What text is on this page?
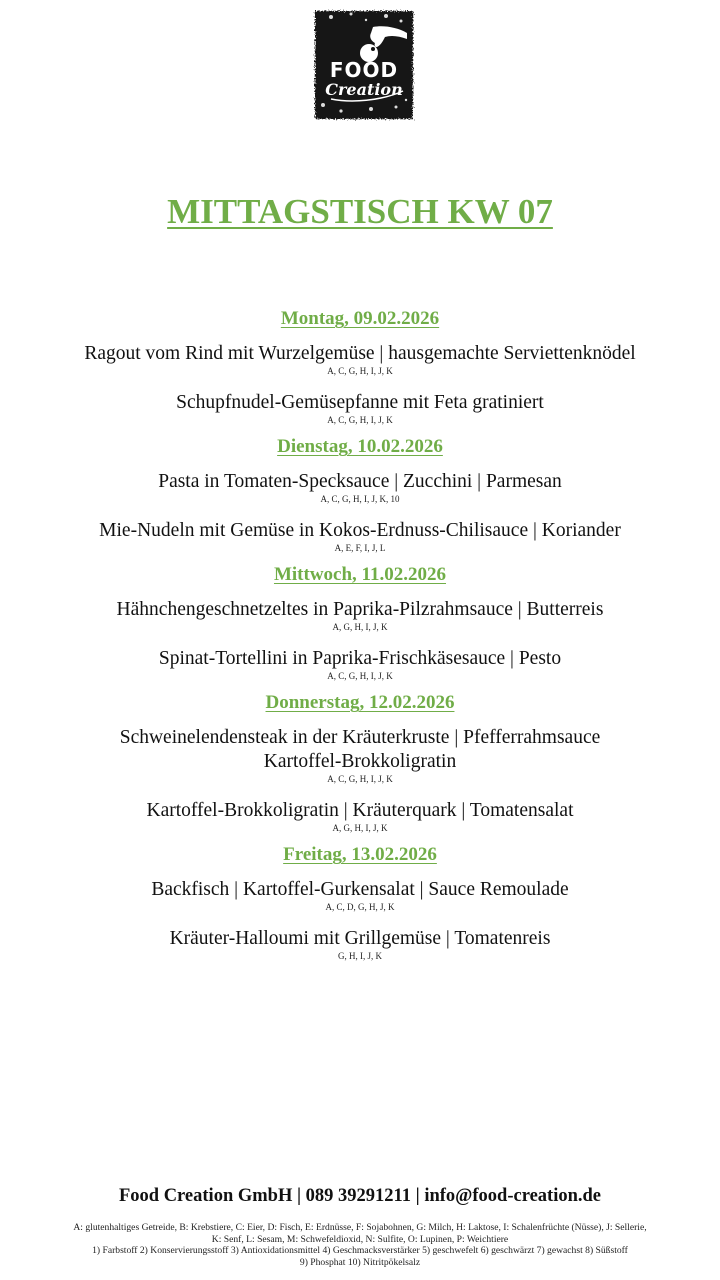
FOOD
Creation
MITTAGSTISCH KW 07
Montag, 09.02.2026
Ragout vom Rind mit Wurzelgemüse | hausgemachte Serviettenknödel
A, C, G, H, I, J, K
Schupfnudel-Gemüsepfanne mit Feta gratiniert
A, C, G, H, I, J, K
Dienstag, 10.02.2026
Pasta in Tomaten-Specksauce | Zucchini | Parmesan
A, C, G, H, I, J, K, 10
Mie-Nudeln mit Gemüse in Kokos-Erdnuss-Chilisauce | Koriander
A, E, F, I, J, L
Mittwoch, 11.02.2026
Hähnchengeschnetzeltes in Paprika-Pilzrahmsauce | Butterreis
A, G, H, I, J, K
Spinat-Tortellini in Paprika-Frischkäsesauce | Pesto
A, C, G, H, I, J, K
Donnerstag, 12.02.2026
Schweinelendensteak in der Kräuterkruste | Pfefferrahmsauce
Kartoffel-Brokkoligratin
A, C, G, H, I, J, K
Kartoffel-Brokkoligratin | Kräuterquark | Tomatensalat
A, G, H, I, J, K
Freitag, 13.02.2026
Backfisch | Kartoffel-Gurkensalat | Sauce Remoulade
A, C, D, G, H, J, K
Kräuter-Halloumi mit Grillgemüse | Tomatenreis
G, H, I, J, K
Food Creation GmbH | 089 39291211 | info@food-creation.de
A: glutenhaltiges Getreide, B: Krebstiere, C: Eier, D: Fisch, E: Erdnüsse, F: Sojabohnen, G: Milch, H: Laktose, I: Schalenfrüchte (Nüsse), J: Sellerie,
K: Senf, L: Sesam, M: Schwefeldioxid, N: Sulfite, O: Lupinen, P: Weichtiere
1) Farbstoff 2) Konservierungsstoff 3) Antioxidationsmittel 4) Geschmacksverstärker 5) geschwefelt 6) geschwärzt 7) gewachst 8) Süßstoff
9) Phosphat 10) Nitritpökelsalz
